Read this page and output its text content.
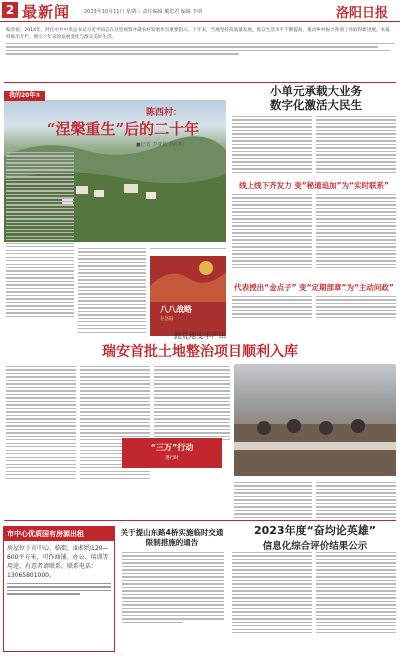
2 最新闻	2023年10月11日 星期三 责任编辑 戴思君 编辑 李明	洛阳日报
编者按：2014年，时任中共中央总书记习近平同志在这里视察并就农村发展作出重要指示。十年来，当地坚持高质量发展，群众生活水平不断提高，推动乡村振兴各项工作取得新进展。本报特推出专栏，展示十年来的发展变化与群众美好生活。
我的20年③
陈西村：
“涅槃重生”后的二十年
■记者 李亚茹 孙明明
八八战略
在洛阳
小单元承载大业务
数字化激活大民生
线上线下齐发力 变“秘道追加”为“实时联系”
代表授出“金点子” 变“定期部章”为“主动问政”
抛荒地变丰产田
瑞安首批土地整治项目顺利入库
“三万”行动
进行时
市中心优质国有房源出租
房屋位于市中心，临街，面积约120—600平方米，可作商铺、办公、培训等用途，有意者请联系。联系电话：13065801000。
关于提山东路4桥实施临时交通限制措施的通告
2023年度“奋均论英雄”
信息化综合评价结果公示
